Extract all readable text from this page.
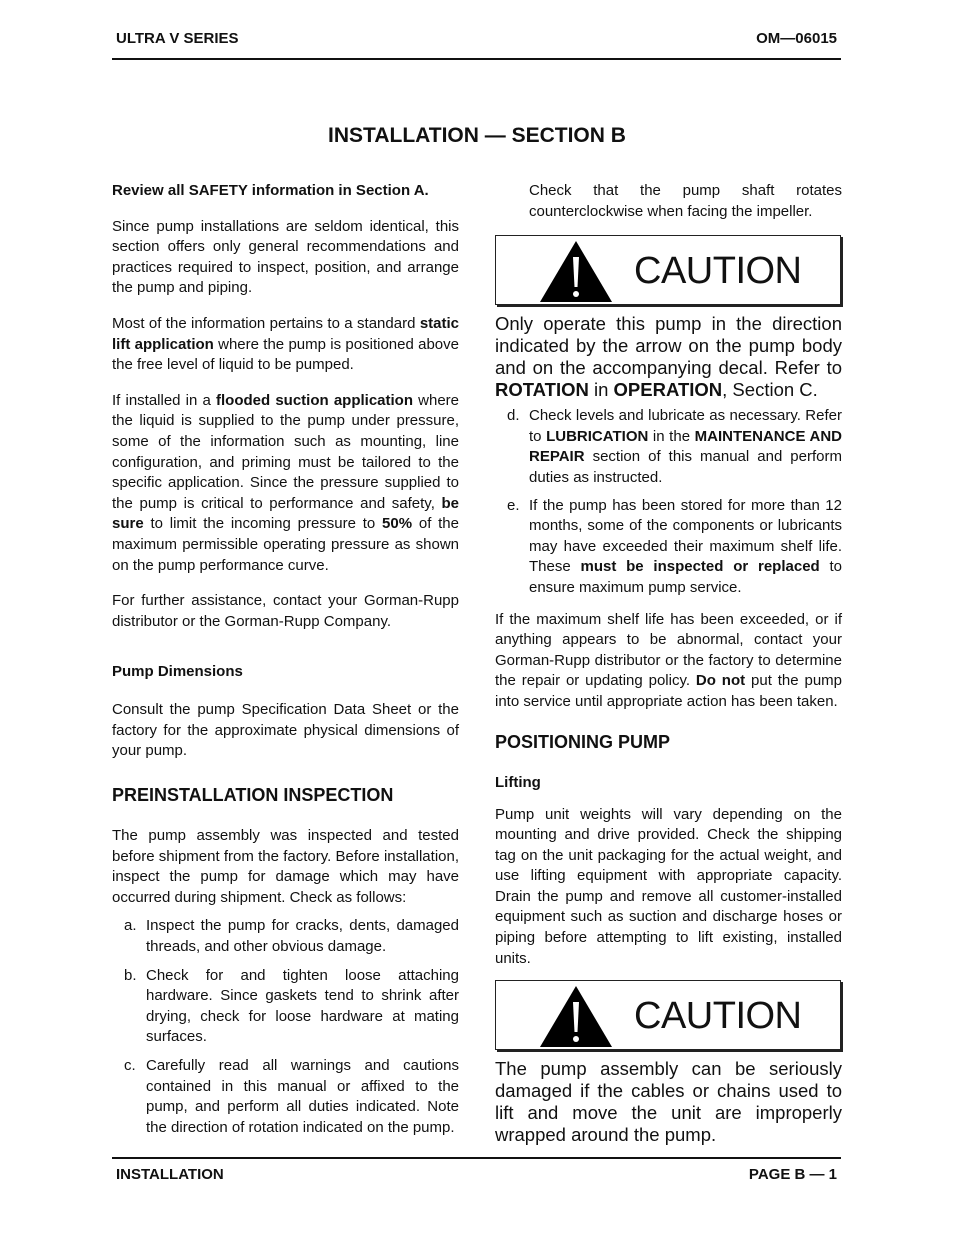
ULTRA V SERIES	OM—06015
INSTALLATION — SECTION B

Review all SAFETY information in Section A.

Since pump installations are seldom identical, this section offers only general recommendations and practices required to inspect, position, and arrange the pump and piping.

Most of the information pertains to a standard static lift application where the pump is positioned above the free level of liquid to be pumped.

If installed in a flooded suction application where the liquid is supplied to the pump under pressure, some of the information such as mounting, line configuration, and priming must be tailored to the specific application. Since the pressure supplied to the pump is critical to performance and safety, be sure to limit the incoming pressure to 50% of the maximum permissible operating pressure as shown on the pump performance curve.

For further assistance, contact your Gorman-Rupp distributor or the Gorman-Rupp Company.

Pump Dimensions

Consult the pump Specification Data Sheet or the factory for the approximate physical dimensions of your pump.

PREINSTALLATION INSPECTION

The pump assembly was inspected and tested before shipment from the factory. Before installation, inspect the pump for damage which may have occurred during shipment. Check as follows:

a. Inspect the pump for cracks, dents, damaged threads, and other obvious damage.
b. Check for and tighten loose attaching hardware. Since gaskets tend to shrink after drying, check for loose hardware at mating surfaces.
c. Carefully read all warnings and cautions contained in this manual or affixed to the pump, and perform all duties indicated. Note the direction of rotation indicated on the pump.

Check that the pump shaft rotates counterclockwise when facing the impeller.

CAUTION

Only operate this pump in the direction indicated by the arrow on the pump body and on the accompanying decal. Refer to ROTATION in OPERATION, Section C.

d. Check levels and lubricate as necessary. Refer to LUBRICATION in the MAINTENANCE AND REPAIR section of this manual and perform duties as instructed.
e. If the pump has been stored for more than 12 months, some of the components or lubricants may have exceeded their maximum shelf life. These must be inspected or replaced to ensure maximum pump service.

If the maximum shelf life has been exceeded, or if anything appears to be abnormal, contact your Gorman-Rupp distributor or the factory to determine the repair or updating policy. Do not put the pump into service until appropriate action has been taken.

POSITIONING PUMP
Lifting

Pump unit weights will vary depending on the mounting and drive provided. Check the shipping tag on the unit packaging for the actual weight, and use lifting equipment with appropriate capacity. Drain the pump and remove all customer-installed equipment such as suction and discharge hoses or piping before attempting to lift existing, installed units.

CAUTION

The pump assembly can be seriously damaged if the cables or chains used to lift and move the unit are improperly wrapped around the pump.

INSTALLATION	PAGE B — 1
